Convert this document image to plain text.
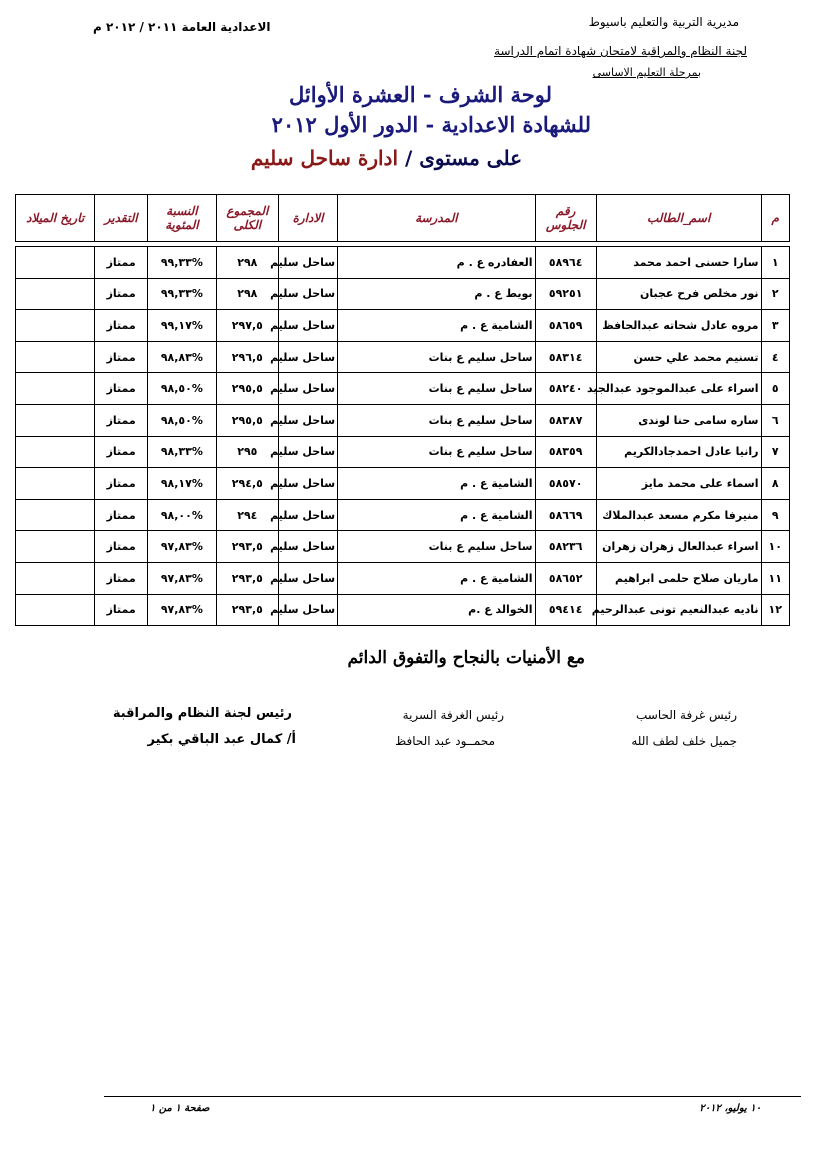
مديرية التربية والتعليم باسيوط
لجنة النظام والمراقبة لامتحان شهادة اتمام الدراسة
بمرحلة التعليم الاساسى
الاعدادية العامة ٢٠١١ / ٢٠١٢ م
لوحة الشرف - العشرة الأوائل
للشهادة الاعدادية - الدور الأول ٢٠١٢
على مستوى / ادارة ساحل سليم
م	اسم_الطالب	رقم الجلوس	المدرسة	الادارة	المجموع الكلى	النسبة المئوية	التقدير	تاريخ الميلاد

١	سارا حسنى احمد محمد	٥٨٩٦٤	العفادره ع . م	ساحل سليم	٢٩٨	%٩٩,٣٣	ممتاز	
٢	نور مخلص فرح عجبان	٥٩٢٥١	بويط ع . م	ساحل سليم	٢٩٨	%٩٩,٣٣	ممتاز	
٣	مروه عادل شحاته عبدالحافظ	٥٨٦٥٩	الشامية ع . م	ساحل سليم	٢٩٧,٥	%٩٩,١٧	ممتاز	
٤	تسنيم محمد علي حسن	٥٨٣١٤	ساحل سليم ع بنات	ساحل سليم	٢٩٦,٥	%٩٨,٨٣	ممتاز	
٥	اسراء على عبدالموجود عبدالجيد	٥٨٢٤٠	ساحل سليم ع بنات	ساحل سليم	٢٩٥,٥	%٩٨,٥٠	ممتاز	
٦	ساره سامى حنا لوندى	٥٨٣٨٧	ساحل سليم ع بنات	ساحل سليم	٢٩٥,٥	%٩٨,٥٠	ممتاز	
٧	رانيا عادل احمدجادالكريم	٥٨٣٥٩	ساحل سليم ع بنات	ساحل سليم	٢٩٥	%٩٨,٣٣	ممتاز	
٨	اسماء على محمد مايز	٥٨٥٧٠	الشامية ع . م	ساحل سليم	٢٩٤,٥	%٩٨,١٧	ممتاز	
٩	منيرفا مكرم مسعد عبدالملاك	٥٨٦٦٩	الشامية ع . م	ساحل سليم	٢٩٤	%٩٨,٠٠	ممتاز	
١٠	اسراء عبدالعال زهران زهران	٥٨٢٣٦	ساحل سليم ع بنات	ساحل سليم	٢٩٣,٥	%٩٧,٨٣	ممتاز	
١١	ماريان صلاح حلمى ابراهيم	٥٨٦٥٢	الشامية ع . م	ساحل سليم	٢٩٣,٥	%٩٧,٨٣	ممتاز	
١٢	ناديه عبدالنعيم تونى عبدالرحيم	٥٩٤١٤	الخوالد ع .م	ساحل سليم	٢٩٣,٥	%٩٧,٨٣	ممتاز	
مع الأمنيات بالنجاح والتفوق الدائم
رئيس غرفة الحاسب
جميل خلف لطف الله
رئيس الغرفة السرية
محمــود عبد الحافظ
رئيس لجنة النظام والمراقبة
أ/ كمال عبد الباقي بكير
١٠ يوليو، ٢٠١٢
صفحة ١ من ١
